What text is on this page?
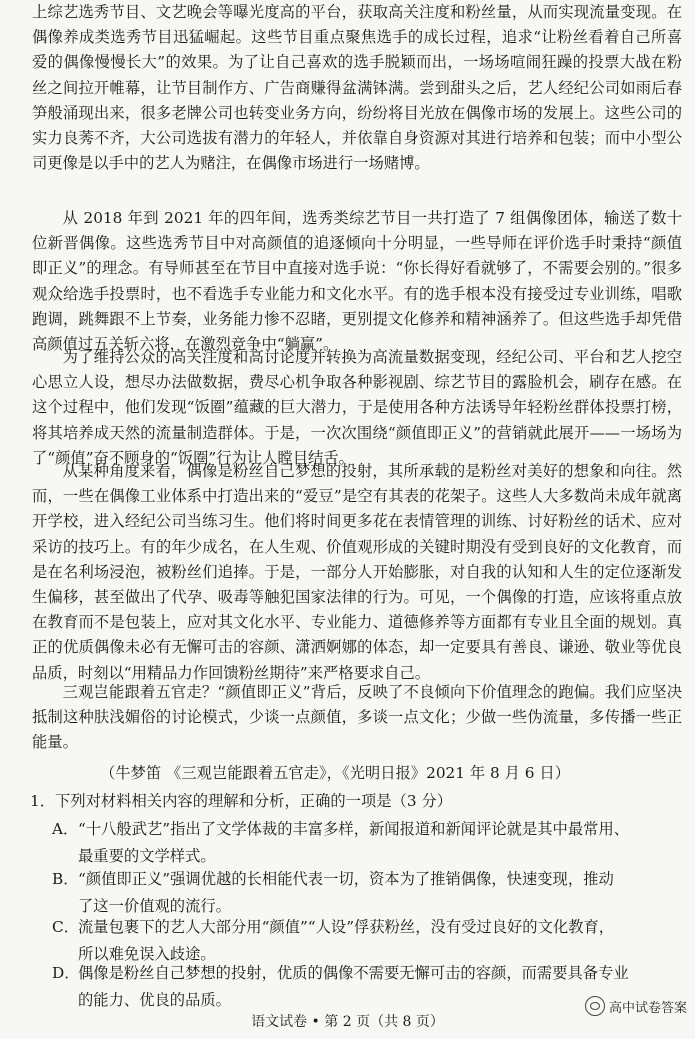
上综艺选秀节目、文艺晚会等曝光度高的平台，获取高关注度和粉丝量，从而实现流量变现。在偶像养成类选秀节目迅猛崛起。这些节目重点聚焦选手的成长过程，追求“让粉丝看着自己所喜爱的偶像慢慢长大”的效果。为了让自己喜欢的选手脱颖而出，一场场喧闹狂躁的投票大战在粉丝之间拉开帷幕，让节目制作方、广告商赚得盆满钵满。尝到甜头之后，艺人经纪公司如雨后春笋般涌现出来，很多老牌公司也转变业务方向，纷纷将目光放在偶像市场的发展上。这些公司的实力良莠不齐，大公司选拔有潜力的年轻人，并依靠自身资源对其进行培养和包装；而中小型公司更像是以手中的艺人为赌注，在偶像市场进行一场赌博。

从 2018 年到 2021 年的四年间，选秀类综艺节目一共打造了 7 组偶像团体，输送了数十位新晋偶像。这些选秀节目中对高颜值的追逐倾向十分明显，一些导师在评价选手时秉持“颜值即正义”的理念。有导师甚至在节目中直接对选手说：“你长得好看就够了，不需要会别的。”很多观众给选手投票时，也不看选手专业能力和文化水平。有的选手根本没有接受过专业训练，唱歌跑调，跳舞跟不上节奏，业务能力惨不忍睹，更别提文化修养和精神涵养了。但这些选手却凭借高颜值过五关斩六将，在激烈竞争中“躺赢”。

为了维持公众的高关注度和高讨论度并转换为高流量数据变现，经纪公司、平台和艺人挖空心思立人设，想尽办法做数据，费尽心机争取各种影视剧、综艺节目的露脸机会，刷存在感。在这个过程中，他们发现“饭圈”蕴藏的巨大潜力，于是使用各种方法诱导年轻粉丝群体投票打榜，将其培养成天然的流量制造群体。于是，一次次围绕“颜值即正义”的营销就此展开——一场场为了“颜值”奋不顾身的“饭圈”行为让人瞠目结舌。

从某种角度来看，偶像是粉丝自己梦想的投射，其所承载的是粉丝对美好的想象和向往。然而，一些在偶像工业体系中打造出来的“爱豆”是空有其表的花架子。这些人大多数尚未成年就离开学校，进入经纪公司当练习生。他们将时间更多花在表情管理的训练、讨好粉丝的话术、应对采访的技巧上。有的年少成名，在人生观、价值观形成的关键时期没有受到良好的文化教育，而是在名利场浸泡，被粉丝们追捧。于是，一部分人开始膨胀，对自我的认知和人生的定位逐渐发生偏移，甚至做出了代孕、吸毒等触犯国家法律的行为。可见，一个偶像的打造，应该将重点放在教育而不是包装上，应对其文化水平、专业能力、道德修养等方面都有专业且全面的规划。真正的优质偶像未必有无懈可击的容颜、潇洒婀娜的体态，却一定要具有善良、谦逊、敬业等优良品质，时刻以“用精品力作回馈粉丝期待”来严格要求自己。

三观岂能跟着五官走？“颜值即正义”背后，反映了不良倾向下价值理念的跑偏。我们应坚决抵制这种肤浅媚俗的讨论模式，少谈一点颜值，多谈一点文化；少做一些伪流量，多传播一些正能量。

（牛梦笛 《三观岂能跟着五官走》，《光明日报》2021 年 8 月 6 日）
1．下列对材料相关内容的理解和分析，正确的一项是（3 分）
A．“十八般武艺”指出了文学体裁的丰富多样，新闻报道和新闻评论就是其中最常用、
最重要的文学样式。
B．“颜值即正义”强调优越的长相能代表一切，资本为了推销偶像，快速变现，推动
了这一价值观的流行。
C．流量包裹下的艺人大部分用“颜值”“人设”俘获粉丝，没有受过良好的文化教育，
所以难免误入歧途。
D．偶像是粉丝自己梦想的投射，优质的偶像不需要无懈可击的容颜，而需要具备专业
的能力、优良的品质。	高中试卷答案
语文试卷 • 第 2 页（共 8 页）
